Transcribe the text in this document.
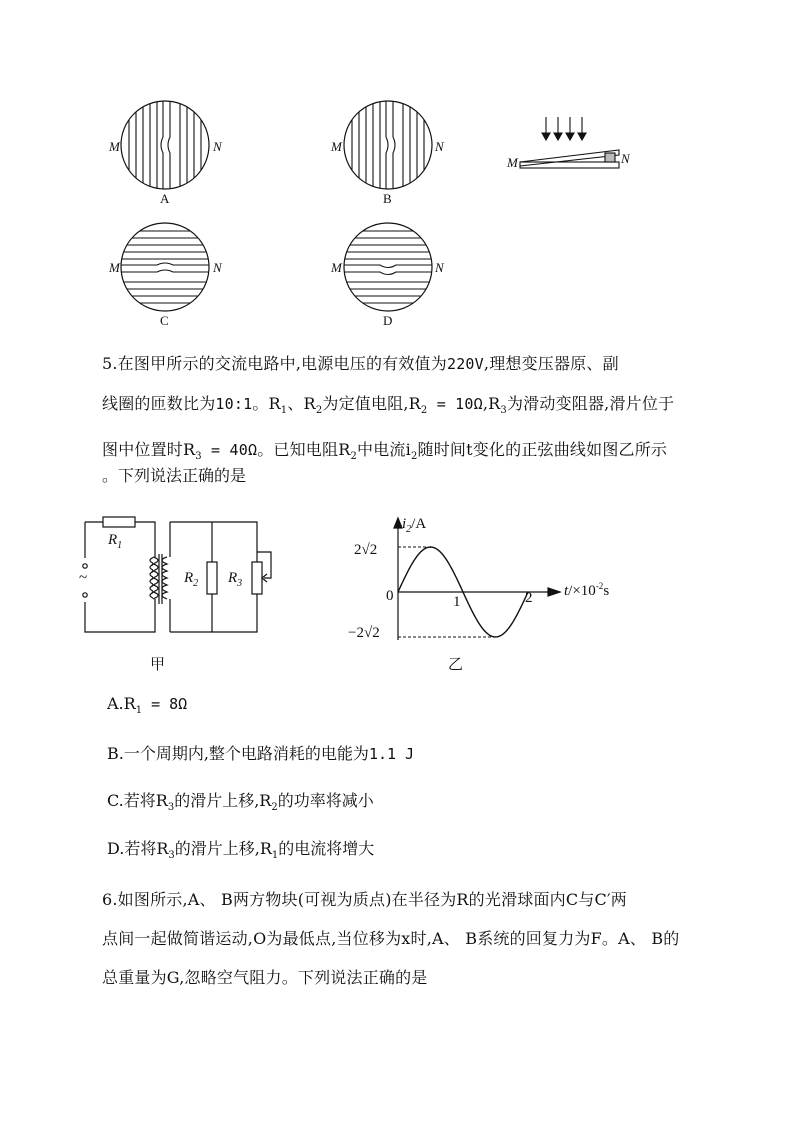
M	N
A
M	N
B
M	N
C
M	N
D
M	N

5.在图甲所示的交流电路中,电源电压的有效值为220V,理想变压器原、副

线圈的匝数比为10:1。$R_1$、$R_2$为定值电阻$,R_2 = 10\Omega,R_3$为滑动变阻器,滑片位于

图中位置时$R_3 = 40\Omega$。已知电阻$R_2$中电流$i_2$随时间t变化的正弦曲线如图乙所示

。下列说法正确的是
$R_1$
~	$R_2$ $R_3$
甲
$i_2/A$
2√2
−2√2
0	1	2 $t/\times 10^{-2}s$
乙
$A.R_1 = 8\Omega$
B.一个周期内,整个电路消耗的电能为1.1 J
C.若将$R_3$的滑片上移$,R_2$的功率将减小
D.若将$R_3$的滑片上移$,R_1$的电流将增大

6.如图所示,A、 B两方物块(可视为质点)在半径为R的光滑球面内C与C′两

点间一起做简谐运动,O为最低点,当位移为x时,A、 B系统的回复力为F。A、 B的

总重量为G,忽略空气阻力。下列说法正确的是
